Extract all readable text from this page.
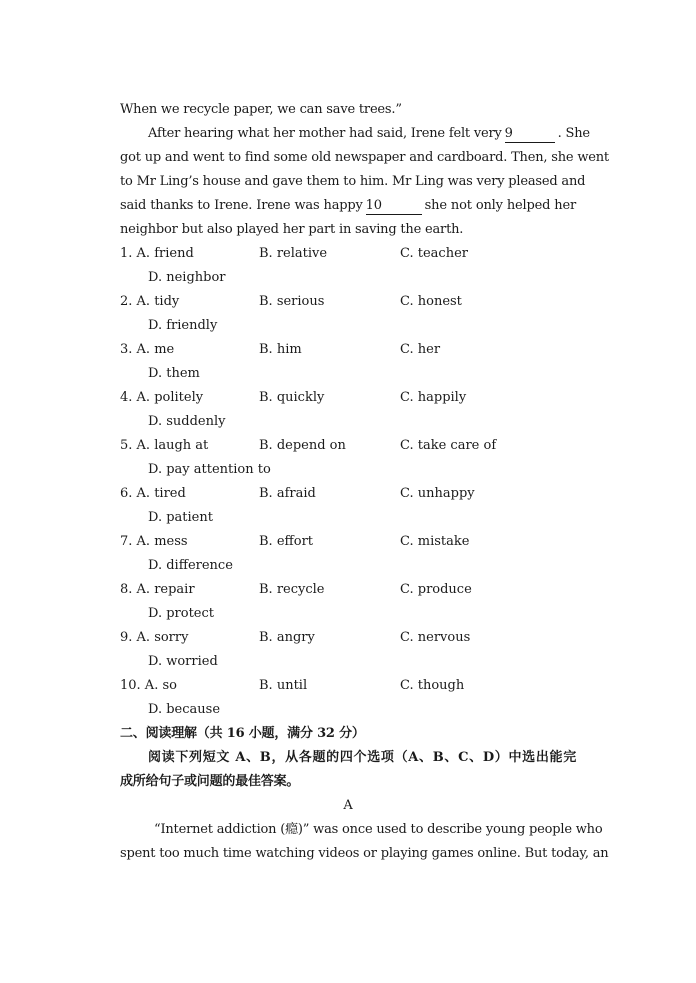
When we recycle paper, we can save trees.”
After hearing what her mother had said, Irene felt very 9	. She
got up and went to find some old newspaper and cardboard. Then, she went
to Mr Ling’s house and gave them to him. Mr Ling was very pleased and
said thanks to Irene. Irene was happy 10	she not only helped her
neighbor but also played her part in saving the earth.
1. A. friend	B. relative	C. teacher
D. neighbor
2. A. tidy	B. serious	C. honest
D. friendly
3. A. me	B. him	C. her
D. them
4. A. politely	B. quickly	C. happily
D. suddenly
5. A. laugh at	B. depend on	C. take care of
D. pay attention to
6. A. tired	B. afraid	C. unhappy
D. patient
7. A. mess	B. effort	C. mistake
D. difference
8. A. repair	B. recycle	C. produce
D. protect
9. A. sorry	B. angry	C. nervous
D. worried
10. A. so	B. until	C. though
D. because
二、阅读理解（共 16 小题，满分 32 分）
阅读下列短文 A、B，从各题的四个选项（A、B、C、D）中选出能完
成所给句子或问题的最佳答案。
A
“Internet addiction (瘾)” was once used to describe young people who
spent too much time watching videos or playing games online. But today, an
